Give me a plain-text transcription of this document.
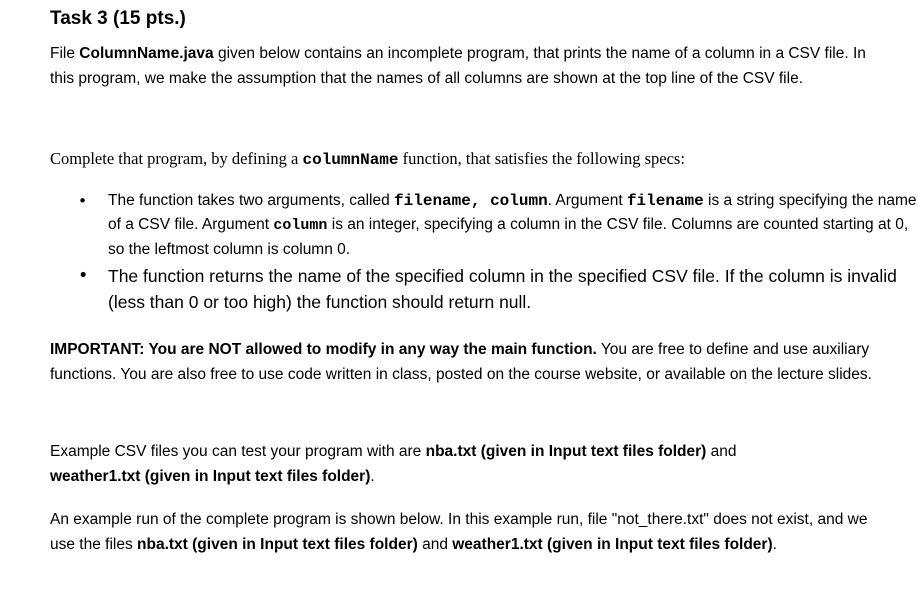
Task 3 (15 pts.)

File ColumnName.java given below contains an incomplete program, that prints the name of a column in a CSV file. In this program, we make the assumption that the names of all columns are shown at the top line of the CSV file.

Complete that program, by defining a columnName function, that satisfies the following specs:

• The function takes two arguments, called filename, column. Argument filename is a string specifying the name of a CSV file. Argument column is an integer, specifying a column in the CSV file. Columns are counted starting at 0, so the leftmost column is column 0.
• The function returns the name of the specified column in the specified CSV file. If the column is invalid (less than 0 or too high) the function should return null.

IMPORTANT: You are NOT allowed to modify in any way the main function. You are free to define and use auxiliary functions. You are also free to use code written in class, posted on the course website, or available on the lecture slides.

Example CSV files you can test your program with are nba.txt (given in Input text files folder) and weather1.txt (given in Input text files folder).

An example run of the complete program is shown below. In this example run, file "not_there.txt" does not exist, and we use the files nba.txt (given in Input text files folder) and weather1.txt (given in Input text files folder).
